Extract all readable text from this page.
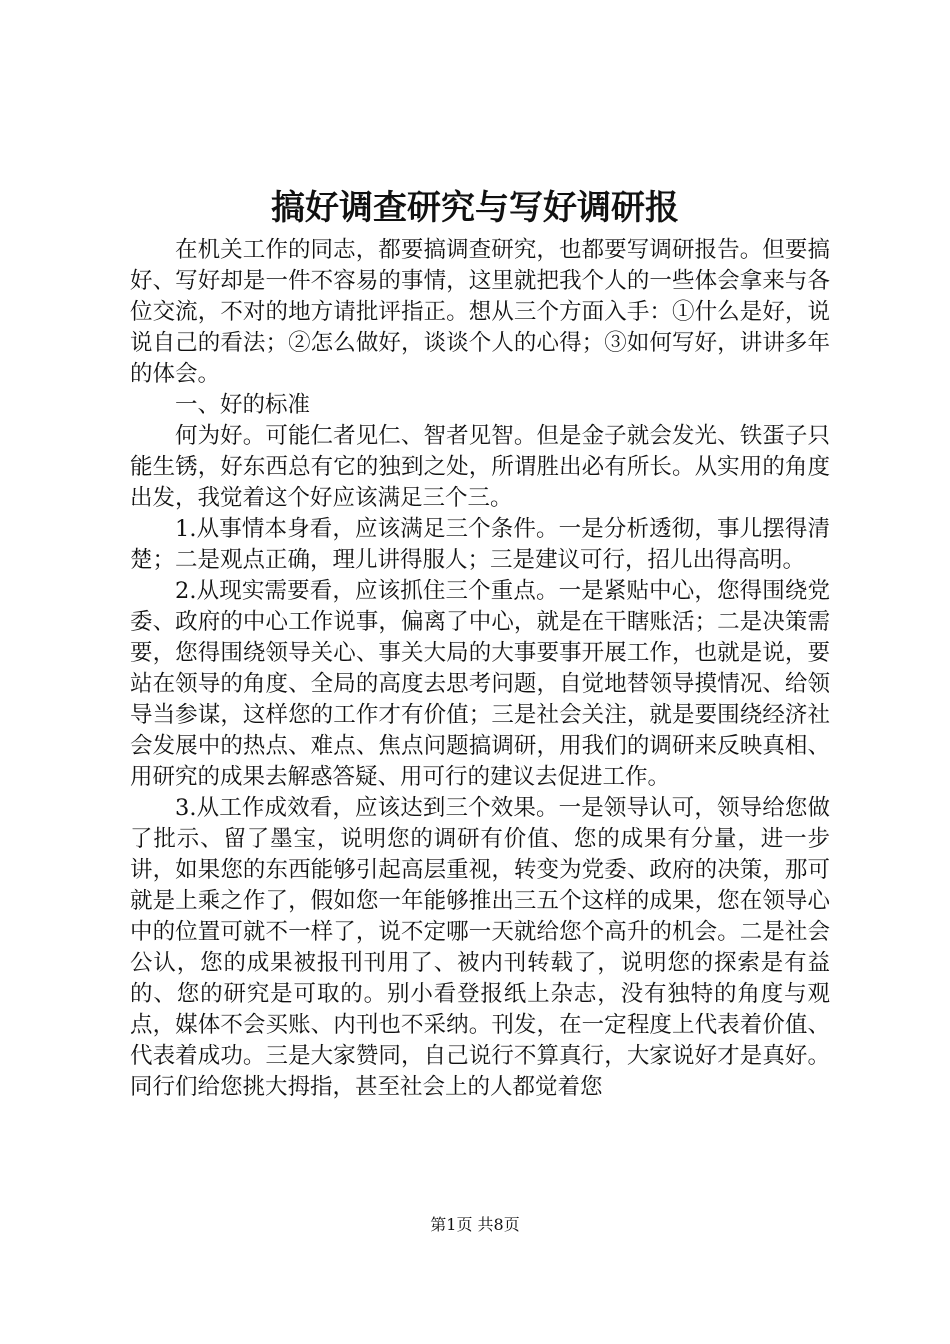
搞好调查研究与写好调研报

在机关工作的同志，都要搞调查研究，也都要写调研报告。但要搞好、写好却是一件不容易的事情，这里就把我个人的一些体会拿来与各位交流，不对的地方请批评指正。想从三个方面入手：①什么是好，说说自己的看法；②怎么做好，谈谈个人的心得；③如何写好，讲讲多年的体会。

一、好的标准

何为好。可能仁者见仁、智者见智。但是金子就会发光、铁蛋子只能生锈，好东西总有它的独到之处，所谓胜出必有所长。从实用的角度出发，我觉着这个好应该满足三个三。

1.从事情本身看，应该满足三个条件。一是分析透彻，事儿摆得清楚；二是观点正确，理儿讲得服人；三是建议可行，招儿出得高明。

2.从现实需要看，应该抓住三个重点。一是紧贴中心，您得围绕党委、政府的中心工作说事，偏离了中心，就是在干瞎账活；二是决策需要，您得围绕领导关心、事关大局的大事要事开展工作，也就是说，要站在领导的角度、全局的高度去思考问题，自觉地替领导摸情况、给领导当参谋，这样您的工作才有价值；三是社会关注，就是要围绕经济社会发展中的热点、难点、焦点问题搞调研，用我们的调研来反映真相、用研究的成果去解惑答疑、用可行的建议去促进工作。

3.从工作成效看，应该达到三个效果。一是领导认可，领导给您做了批示、留了墨宝，说明您的调研有价值、您的成果有分量，进一步讲，如果您的东西能够引起高层重视，转变为党委、政府的决策，那可就是上乘之作了，假如您一年能够推出三五个这样的成果，您在领导心中的位置可就不一样了，说不定哪一天就给您个高升的机会。二是社会公认，您的成果被报刊刊用了、被内刊转载了，说明您的探索是有益的、您的研究是可取的。别小看登报纸上杂志，没有独特的角度与观点，媒体不会买账、内刊也不采纳。刊发，在一定程度上代表着价值、代表着成功。三是大家赞同，自己说行不算真行，大家说好才是真好。同行们给您挑大拇指，甚至社会上的人都觉着您

第1页 共8页
